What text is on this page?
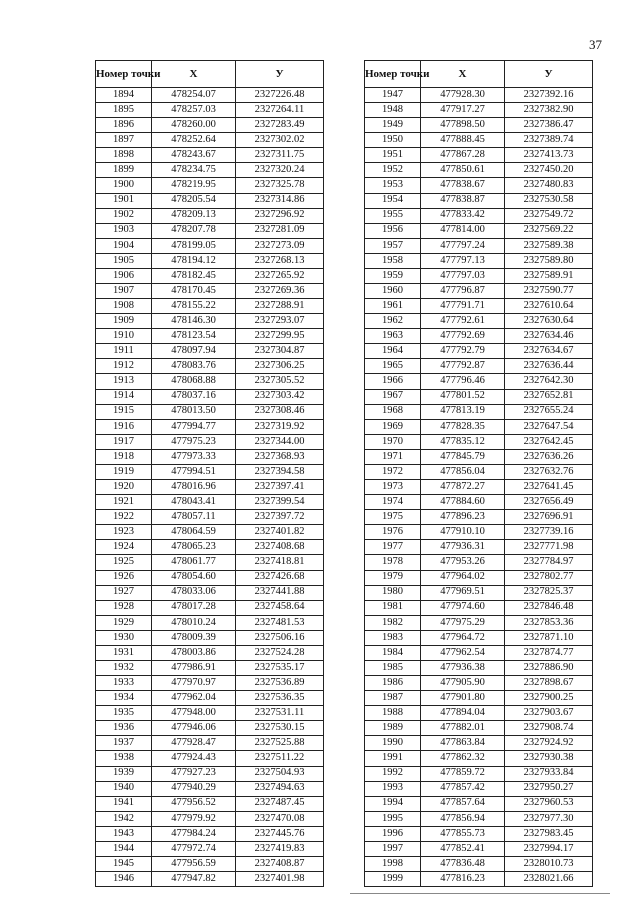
37
Номер точки	X	У
1894	478254.07	2327226.48
1895	478257.03	2327264.11
1896	478260.00	2327283.49
1897	478252.64	2327302.02
1898	478243.67	2327311.75
1899	478234.75	2327320.24
1900	478219.95	2327325.78
1901	478205.54	2327314.86
1902	478209.13	2327296.92
1903	478207.78	2327281.09
1904	478199.05	2327273.09
1905	478194.12	2327268.13
1906	478182.45	2327265.92
1907	478170.45	2327269.36
1908	478155.22	2327288.91
1909	478146.30	2327293.07
1910	478123.54	2327299.95
1911	478097.94	2327304.87
1912	478083.76	2327306.25
1913	478068.88	2327305.52
1914	478037.16	2327303.42
1915	478013.50	2327308.46
1916	477994.77	2327319.92
1917	477975.23	2327344.00
1918	477973.33	2327368.93
1919	477994.51	2327394.58
1920	478016.96	2327397.41
1921	478043.41	2327399.54
1922	478057.11	2327397.72
1923	478064.59	2327401.82
1924	478065.23	2327408.68
1925	478061.77	2327418.81
1926	478054.60	2327426.68
1927	478033.06	2327441.88
1928	478017.28	2327458.64
1929	478010.24	2327481.53
1930	478009.39	2327506.16
1931	478003.86	2327524.28
1932	477986.91	2327535.17
1933	477970.97	2327536.89
1934	477962.04	2327536.35
1935	477948.00	2327531.11
1936	477946.06	2327530.15
1937	477928.47	2327525.88
1938	477924.43	2327511.22
1939	477927.23	2327504.93
1940	477940.29	2327494.63
1941	477956.52	2327487.45
1942	477979.92	2327470.08
1943	477984.24	2327445.76
1944	477972.74	2327419.83
1945	477956.59	2327408.87
1946	477947.82	2327401.98
Номер точки	X	У
1947	477928.30	2327392.16
1948	477917.27	2327382.90
1949	477898.50	2327386.47
1950	477888.45	2327389.74
1951	477867.28	2327413.73
1952	477850.61	2327450.20
1953	477838.67	2327480.83
1954	477838.87	2327530.58
1955	477833.42	2327549.72
1956	477814.00	2327569.22
1957	477797.24	2327589.38
1958	477797.13	2327589.80
1959	477797.03	2327589.91
1960	477796.87	2327590.77
1961	477791.71	2327610.64
1962	477792.61	2327630.64
1963	477792.69	2327634.46
1964	477792.79	2327634.67
1965	477792.87	2327636.44
1966	477796.46	2327642.30
1967	477801.52	2327652.81
1968	477813.19	2327655.24
1969	477828.35	2327647.54
1970	477835.12	2327642.45
1971	477845.79	2327636.26
1972	477856.04	2327632.76
1973	477872.27	2327641.45
1974	477884.60	2327656.49
1975	477896.23	2327696.91
1976	477910.10	2327739.16
1977	477936.31	2327771.98
1978	477953.26	2327784.97
1979	477964.02	2327802.77
1980	477969.51	2327825.37
1981	477974.60	2327846.48
1982	477975.29	2327853.36
1983	477964.72	2327871.10
1984	477962.54	2327874.77
1985	477936.38	2327886.90
1986	477905.90	2327898.67
1987	477901.80	2327900.25
1988	477894.04	2327903.67
1989	477882.01	2327908.74
1990	477863.84	2327924.92
1991	477862.32	2327930.38
1992	477859.72	2327933.84
1993	477857.42	2327950.27
1994	477857.64	2327960.53
1995	477856.94	2327977.30
1996	477855.73	2327983.45
1997	477852.41	2327994.17
1998	477836.48	2328010.73
1999	477816.23	2328021.66
